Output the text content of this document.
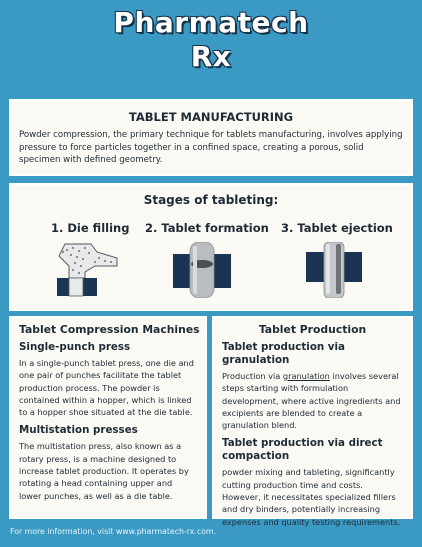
Pharmatech
Rx
TABLET MANUFACTURING
Powder compression, the primary technique for tablets manufacturing, involves applying pressure to force particles together in a confined space, creating a porous, solid specimen with defined geometry.
Stages of tableting:
1. Die filling 2. Tablet formation 3. Tablet ejection
Tablet Compression Machines
Single-punch press
In a single-punch tablet press, one die and one pair of punches facilitate the tablet production process. The powder is contained within a hopper, which is linked to a hopper shoe situated at the die table.
Multistation presses
The multistation press, also known as a rotary press, is a machine designed to increase tablet production. It operates by rotating a head containing upper and lower punches, as well as a die table.
Tablet Production
Tablet production via granulation
Production via granulation involves several steps starting with formulation development, where active ingredients and excipients are blended to create a granulation blend.
Tablet production via direct compaction
powder mixing and tableting, significantly cutting production time and costs. However, it necessitates specialized fillers and dry binders, potentially increasing expenses and quality testing requirements.
For more information, visit www.pharmatech-rx.com.
